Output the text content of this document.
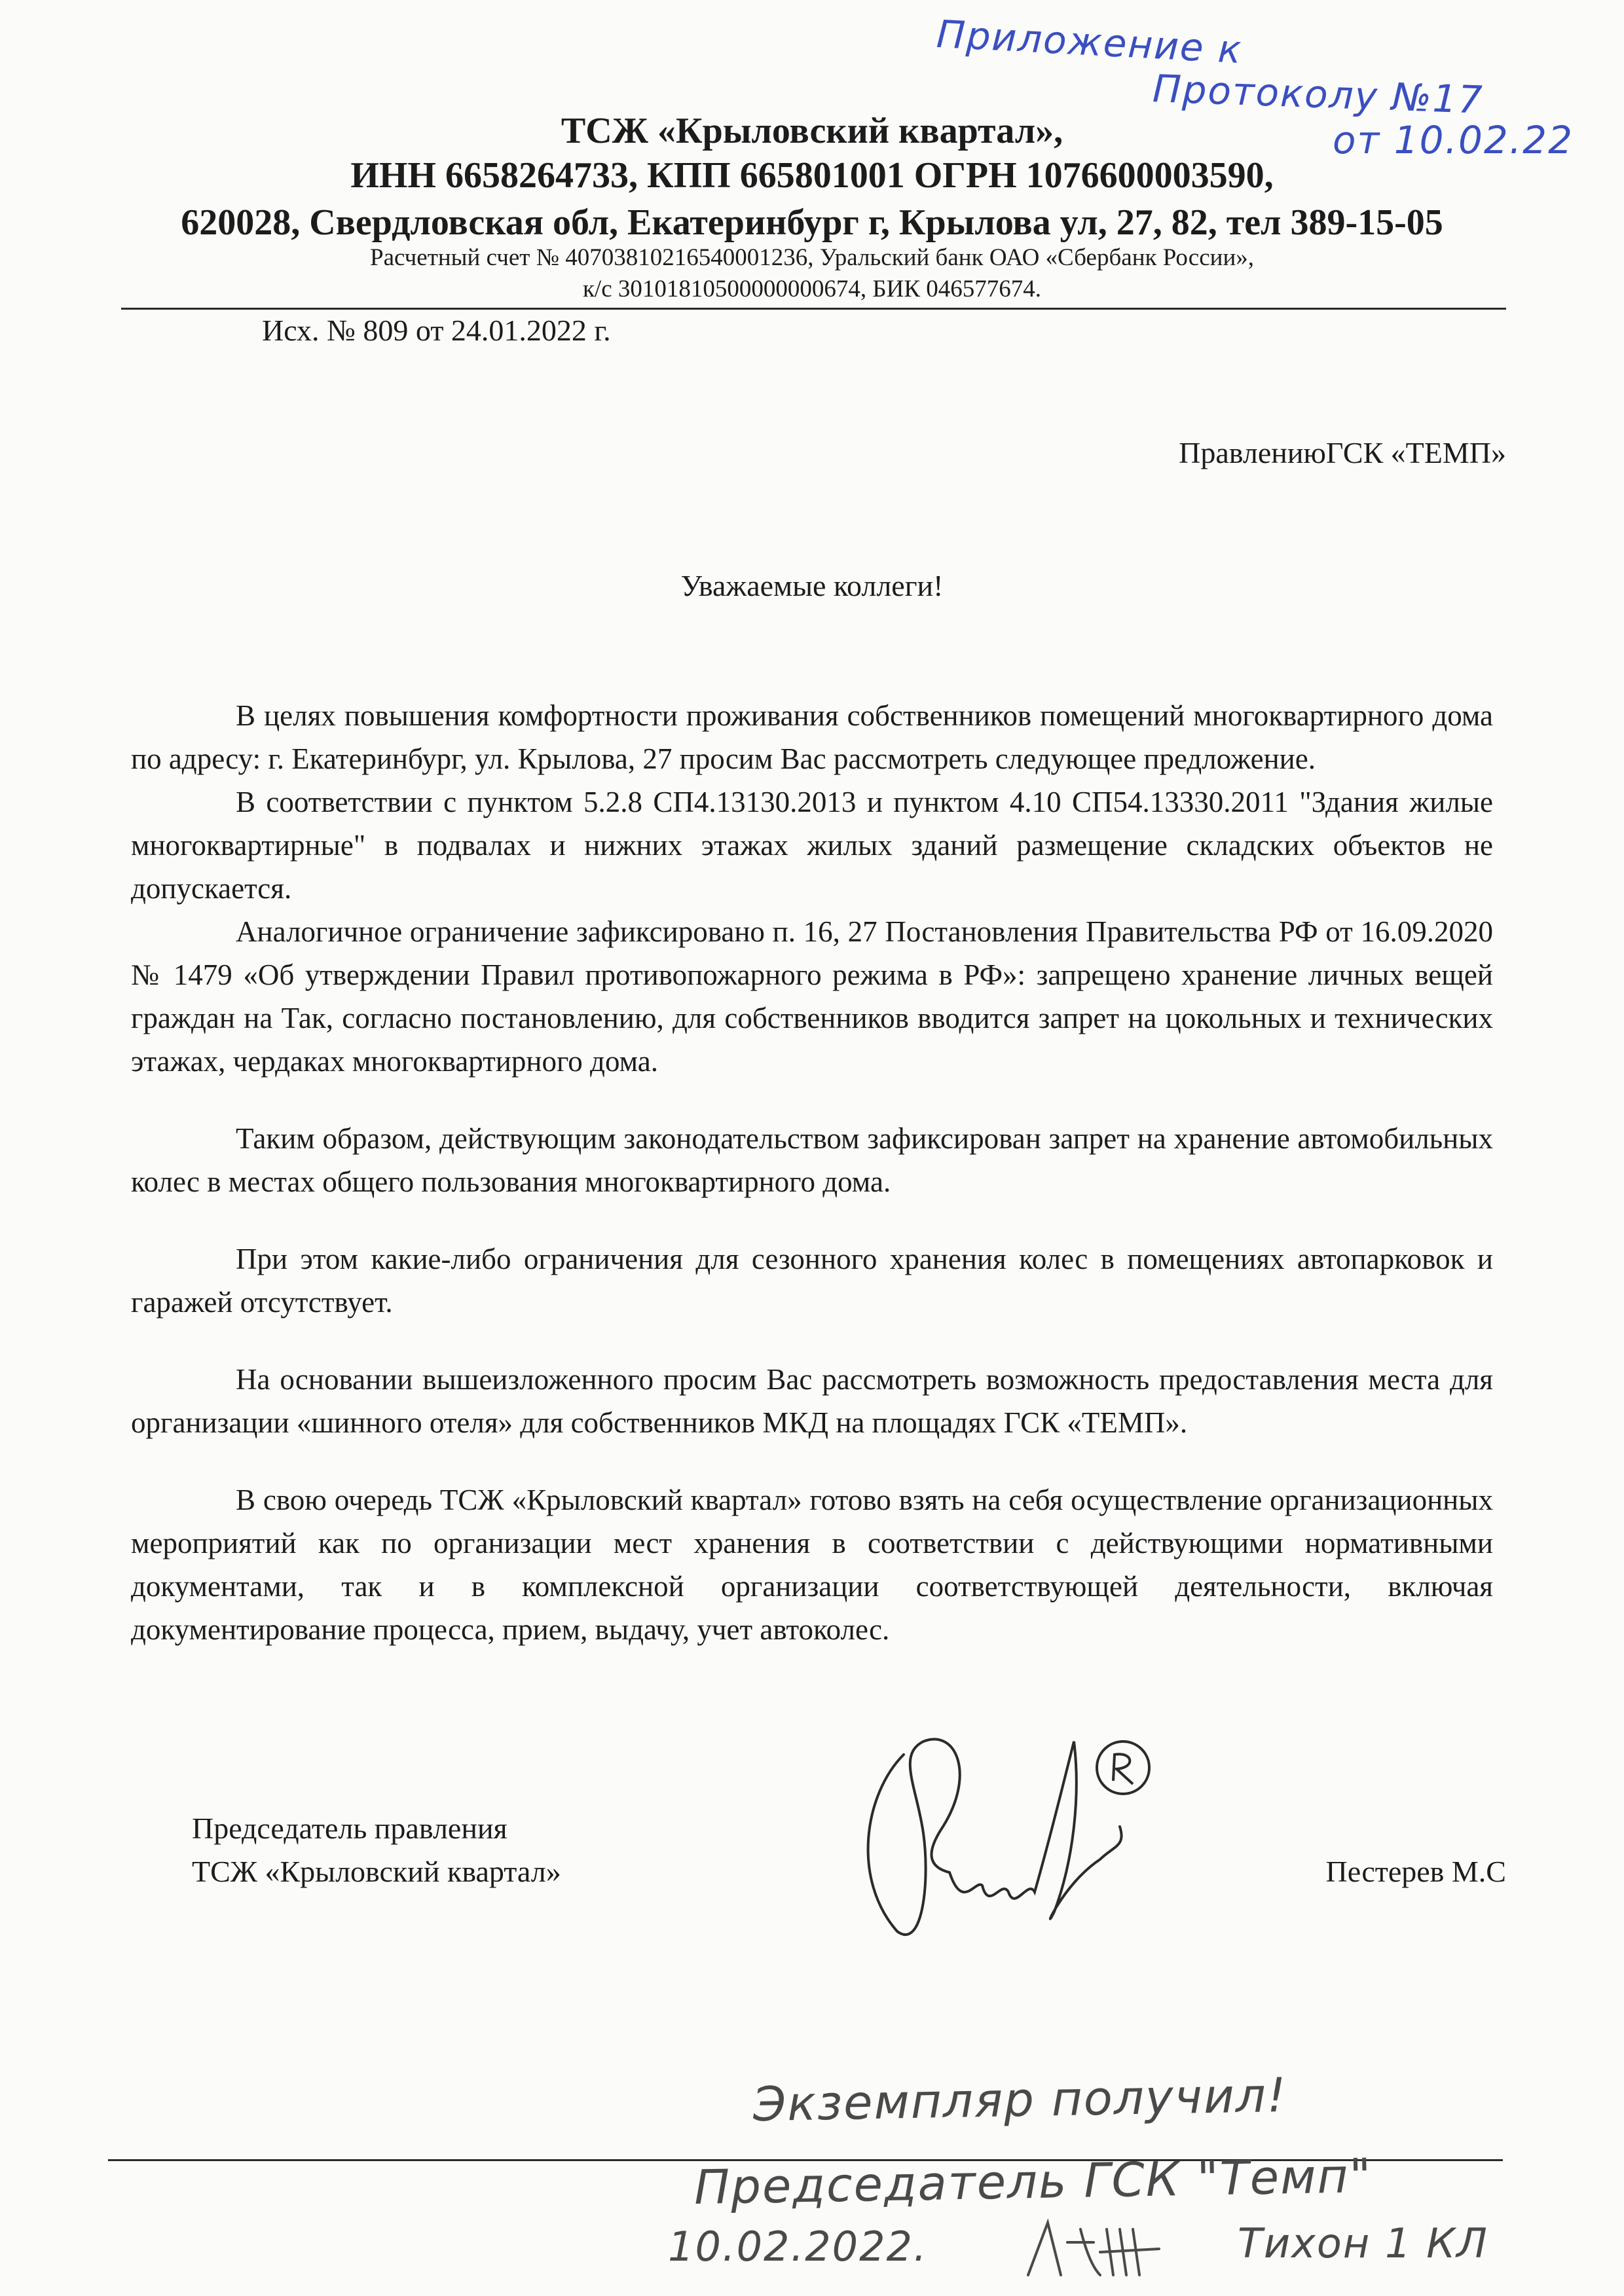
Приложение к
Протоколу №17
от 10.02.22
ТСЖ «Крыловский квартал»,
ИНН 6658264733, КПП 665801001 ОГРН 1076600003590,
620028, Свердловская обл, Екатеринбург г, Крылова ул, 27, 82, тел 389-15-05
Расчетный счет № 40703810216540001236, Уральский банк ОАО «Сбербанк России»,
к/с 30101810500000000674, БИК 046577674.
Исх. № 809 от 24.01.2022 г.
ПравлениюГСК «ТЕМП»
Уважаемые коллеги!

В целях повышения комфортности проживания собственников помещений многоквартирного дома по адресу: г. Екатеринбург, ул. Крылова, 27 просим Вас рассмотреть следующее предложение.

В соответствии с пунктом 5.2.8 СП4.13130.2013 и пунктом 4.10 СП54.13330.2011 "Здания жилые многоквартирные" в подвалах и нижних этажах жилых зданий размещение складских объектов не допускается.

Аналогичное ограничение зафиксировано п. 16, 27 Постановления Правительства РФ от 16.09.2020 № 1479 «Об утверждении Правил противопожарного режима в РФ»: запрещено хранение личных вещей граждан на Так, согласно постановлению, для собственников вводится запрет на цокольных и технических этажах, чердаках многоквартирного дома.

Таким образом, действующим законодательством зафиксирован запрет на хранение автомобильных колес в местах общего пользования многоквартирного дома.

При этом какие-либо ограничения для сезонного хранения колес в помещениях автопарковок и гаражей отсутствует.

На основании вышеизложенного просим Вас рассмотреть возможность предоставления места для организации «шинного отеля» для собственников МКД на площадях ГСК «ТЕМП».

В свою очередь ТСЖ «Крыловский квартал» готово взять на себя осуществление организационных мероприятий как по организации мест хранения в соответствии с действующими нормативными документами, так и в комплексной организации соответствующей деятельности, включая документирование процесса, прием, выдачу, учет автоколес.

Председатель правления
ТСЖ «Крыловский квартал»	Пестерев М.С
Экземпляр получил!
Председатель ГСК "Темп"
10.02.2022.	Тихон 1 КЛ
